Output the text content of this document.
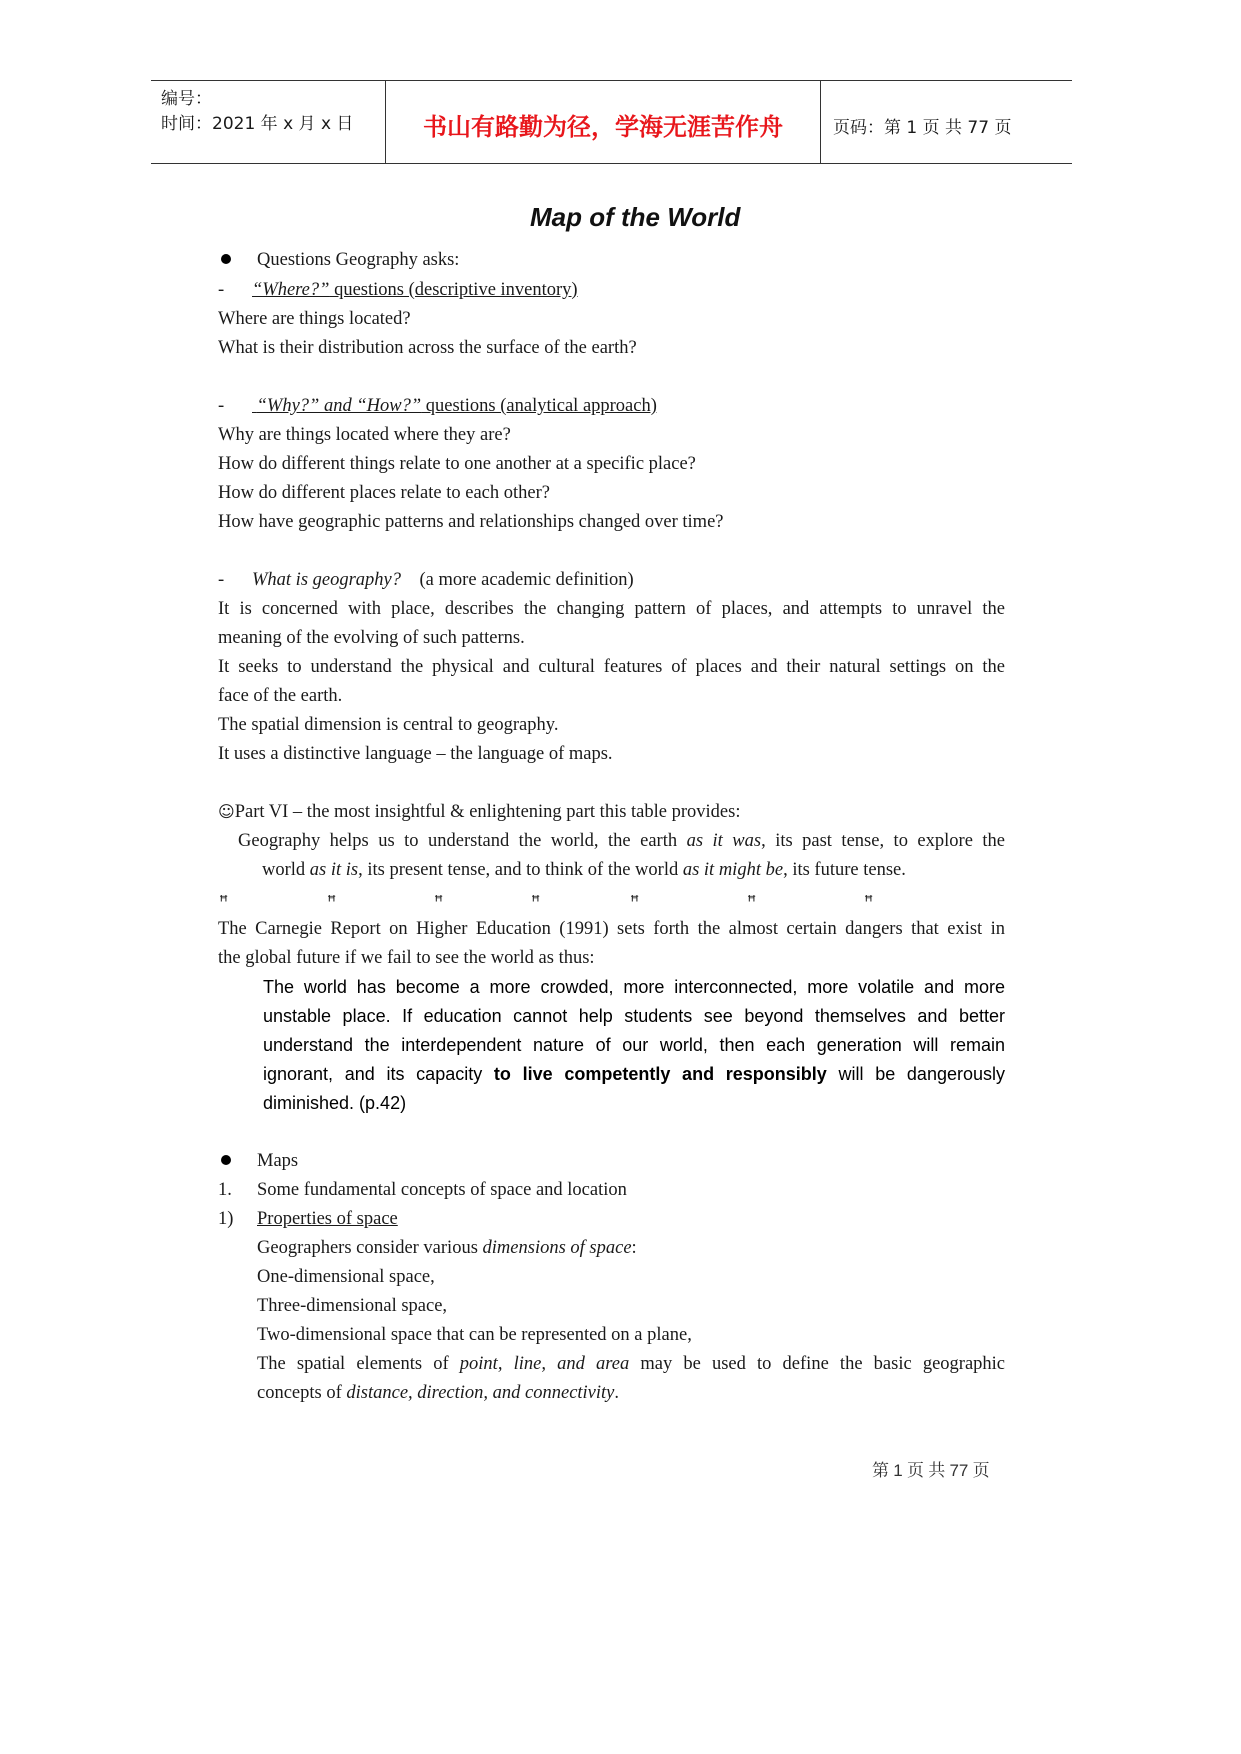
编号：
时间：2021 年 x 月 x 日	书山有路勤为径，学海无涯苦作舟	页码：第 1 页 共 77 页
Map of the World
Questions Geography asks:
- “Where?” questions (descriptive inventory)
Where are things located?
What is their distribution across the surface of the earth?
- “Why?” and “How?” questions (analytical approach)
Why are things located where they are?
How do different things relate to one another at a specific place?
How do different places relate to each other?
How have geographic patterns and relationships changed over time?
- What is geography?    (a more academic definition)
It is concerned with place, describes the changing pattern of places, and attempts to unravel the
meaning of the evolving of such patterns.
It seeks to understand the physical and cultural features of places and their natural settings on the
face of the earth.
The spatial dimension is central to geography.
It uses a distinctive language – the language of maps.
☺Part VI – the most insightful & enlightening part this table provides:
Geography helps us to understand the world, the earth as it was, its past tense, to explore the
world as it is, its present tense, and to think of the world as it might be, its future tense.
ꟸ	ꟸ	ꟸ	ꟸ	ꟸ	ꟸ	ꟸ
The Carnegie Report on Higher Education (1991) sets forth the almost certain dangers that exist in
the global future if we fail to see the world as thus:
The world has become a more crowded, more interconnected, more volatile and more
unstable place. If education cannot help students see beyond themselves and better
understand the interdependent nature of our world, then each generation will remain
ignorant, and its capacity to live competently and responsibly will be dangerously
diminished. (p.42)
Maps
1. Some fundamental concepts of space and location
1) Properties of space
Geographers consider various dimensions of space:
One-dimensional space,
Three-dimensional space,
Two-dimensional space that can be represented on a plane,
The spatial elements of point, line, and area may be used to define the basic geographic
concepts of distance, direction, and connectivity.
第 1 页 共 77 页
